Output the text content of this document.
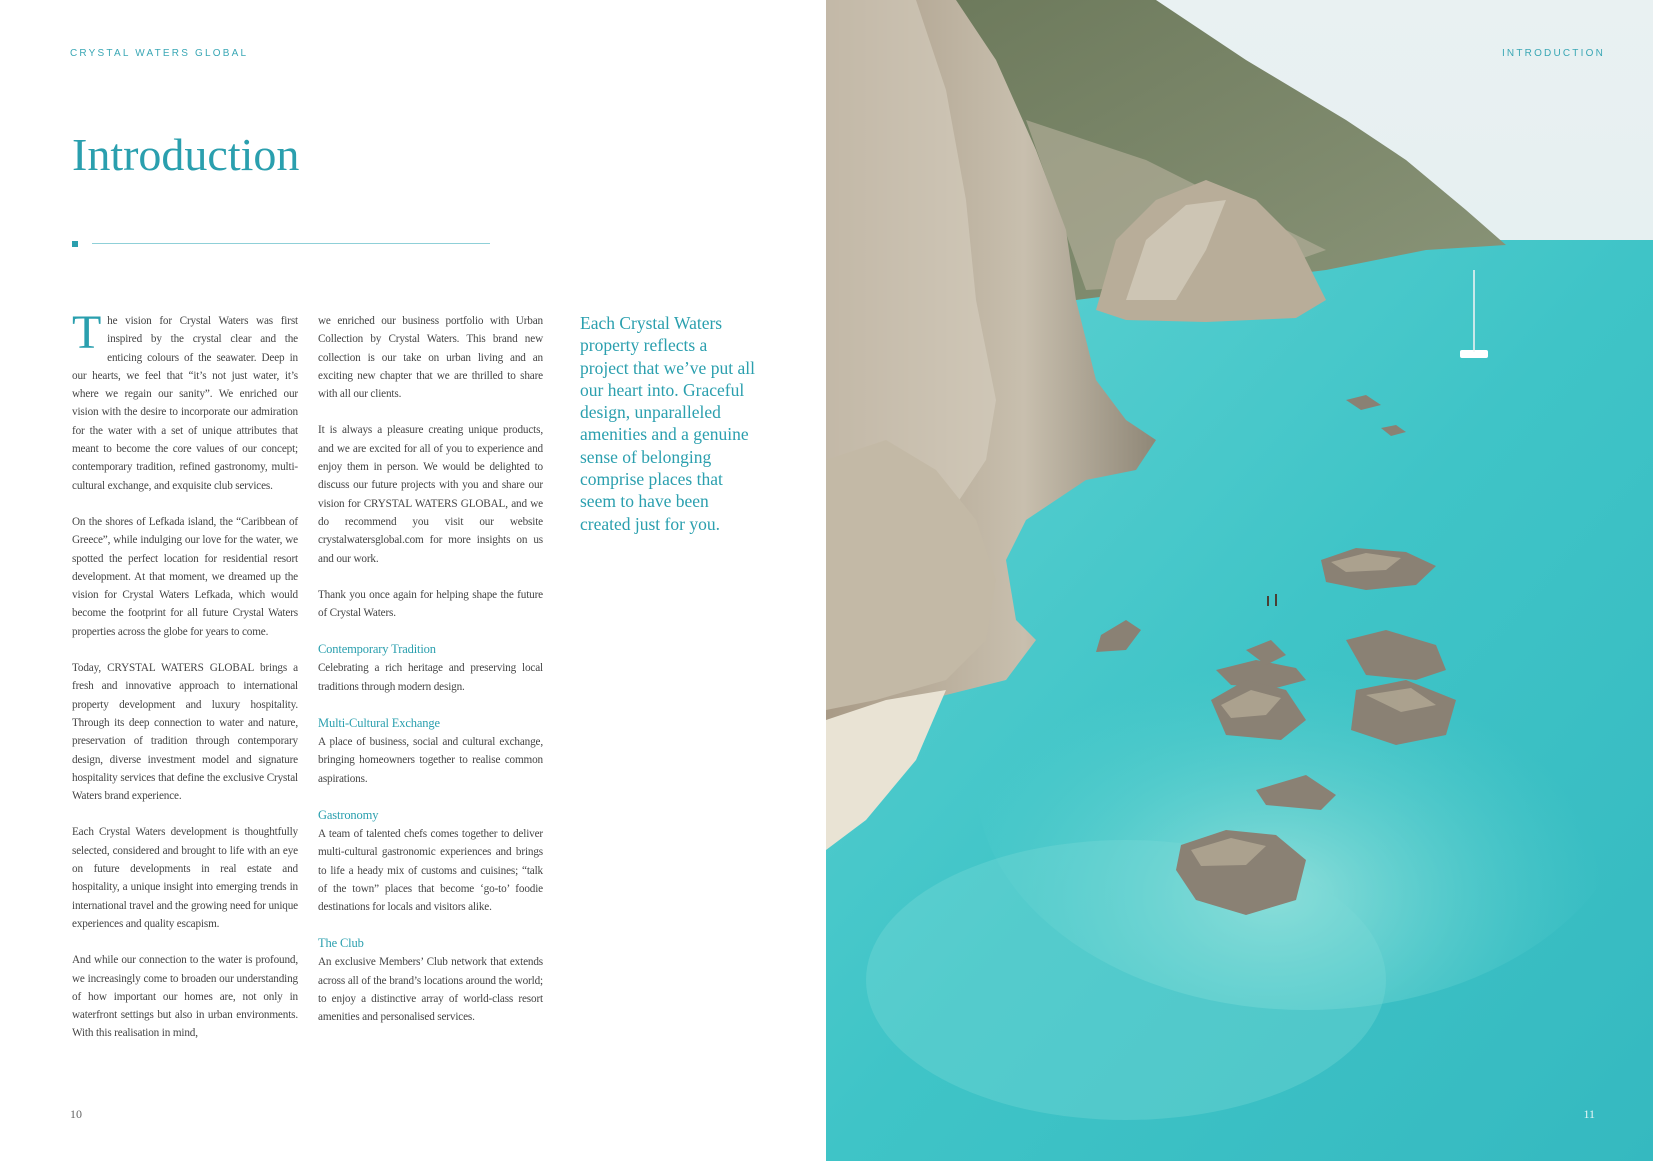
CRYSTAL WATERS GLOBAL
Introduction

The vision for Crystal Waters was first inspired by the crystal clear and the enticing colours of the seawater. Deep in our hearts, we feel that “it’s not just water, it’s where we regain our sanity”. We enriched our vision with the desire to incorporate our admiration for the water with a set of unique attributes that meant to become the core values of our concept; contemporary tradition, refined gastronomy, multi-cultural exchange, and exquisite club services.

On the shores of Lefkada island, the “Caribbean of Greece”, while indulging our love for the water, we spotted the perfect location for residential resort development. At that moment, we dreamed up the vision for Crystal Waters Lefkada, which would become the footprint for all future Crystal Waters properties across the globe for years to come.

Today, CRYSTAL WATERS GLOBAL brings a fresh and innovative approach to international property development and luxury hospitality. Through its deep connection to water and nature, preservation of tradition through contemporary design, diverse investment model and signature hospitality services that define the exclusive Crystal Waters brand experience.

Each Crystal Waters development is thoughtfully selected, considered and brought to life with an eye on future developments in real estate and hospitality, a unique insight into emerging trends in international travel and the growing need for unique experiences and quality escapism.

And while our connection to the water is profound, we increasingly come to broaden our understanding of how important our homes are, not only in waterfront settings but also in urban environments. With this realisation in mind,

we enriched our business portfolio with Urban Collection by Crystal Waters. This brand new collection is our take on urban living and an exciting new chapter that we are thrilled to share with all our clients.

It is always a pleasure creating unique products, and we are excited for all of you to experience and enjoy them in person. We would be delighted to discuss our future projects with you and share our vision for CRYSTAL WATERS GLOBAL, and we do recommend you visit our website crystalwatersglobal.com for more insights on us and our work.

Thank you once again for helping shape the future of Crystal Waters.

Contemporary Tradition

Celebrating a rich heritage and preserving local traditions through modern design.

Multi-Cultural Exchange

A place of business, social and cultural exchange, bringing homeowners together to realise common aspirations.

Gastronomy

A team of talented chefs comes together to deliver multi-cultural gastronomic experiences and brings to life a heady mix of customs and cuisines; “talk of the town” places that become ‘go-to’ foodie destinations for locals and visitors alike.

The Club

An exclusive Members’ Club network that extends across all of the brand’s locations around the world; to enjoy a distinctive array of world-class resort amenities and personalised services.

Each Crystal Waters property reflects a project that we’ve put all our heart into. Graceful design, unparalleled amenities and a genuine sense of belonging comprise places that seem to have been created just for you.
10
INTRODUCTION
11
